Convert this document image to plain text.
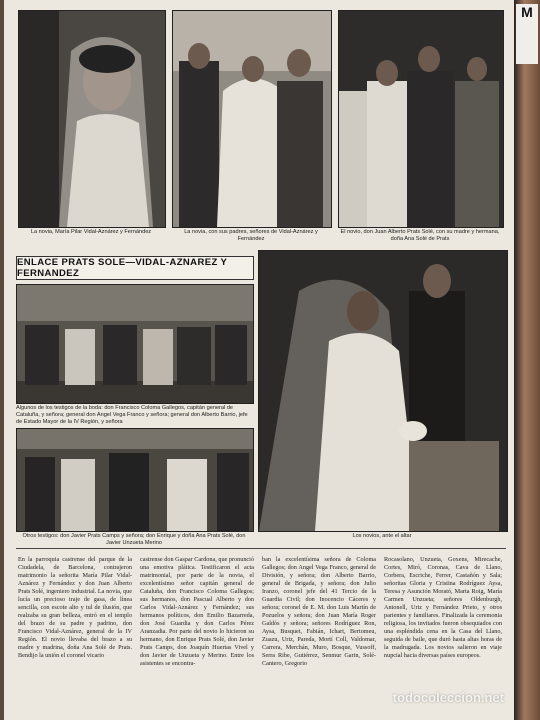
M
La novia, María Pilar Vidal-Aznárez y Fernández	La novia, con sus padres, señores de Vidal-Aznárez y Fernández
El novio, don Juan Alberto Prats Solé, con su madre y hermana, doña Ana Solé de Prats
ENLACE PRATS SOLE—VIDAL-AZNAREZ Y FERNANDEZ
Algunos de los testigos de la boda: don Francisco Coloma Gallegos, capitán general de Cataluña, y señora; general don Angel Vega Franco y señora; general don Alberto Barrio, jefe de Estado Mayor de la IV Región, y señora
Otros testigos: don Javier Prats Camps y señora; don Enrique y doña Ana Prats Solé, don Javier Unzueta Merino
Los novios, ante el altar
En la parroquia castrense del parque de la Ciudadela, de Barcelona, contrajeron matrimonio la señorita María Pilar Vidal-Aznárez y Fernández y don Juan Alberto Prats Solé, ingeniero industrial. La novia, que lucía un precioso traje de gasa, de línea sencilla, con escote alto y tul de ilusión, que realzaba su gran belleza, entró en el templo del brazo de su padre y padrino, don Francisco Vidal-Aznárez, general de la IV Región. El novio llevaba del brazo a su madre y madrina, doña Ana Solé de Prats. Bendijo la unión el coronel vicario
castrense don Gaspar Cardona, que pronunció una emotiva plática. Testificaron el acta matrimonial, por parte de la novia, el excelentísimo señor capitán general de Cataluña, don Francisco Coloma Gallegos; sus hermanos, don Pascual Alberto y don Carlos Vidal-Aznárez y Fernández; sus hermanos políticos, don Emilio Bazarreda, don José Guardia y don Carlos Pérez Aranzadia. Por parte del novio lo hicieron su hermano, don Enrique Prats Solé, don Javier Prats Camps, don Joaquín Huertas Vivel y don Javier de Unzueta y Merino. Entre los asistentes se encontra-
ban la excelentísima señora de Coloma Gallegos; don Angel Vega Franco, general de División, y señora; don Alberto Barrio, general de Brigada, y señora; don Julio Iranzo, coronel jefe del 41 Tercio de la Guardia Civil; don Inocencio Cáceres y señora; coronel de E. M. don Luis Martín de Pozuelos y señora; don Juan María Roger Galdós y señora; señores Rodríguez Ron, Aysa, Busquet, Fabián, Ichart, Bertomeu, Zuazu, Uriz, Pareda, Mortí Coll, Valdomar, Carrera, Merchán, Muro, Bosque, Vussoff, Serra Ribe, Gutiérrez, Senmur Garin, Solé-Cantero, Gregorio
Rocasolano, Unzueta, Goxens, Mirecache, Cortes, Miró, Coronas, Cava de Llano, Corbera, Escriche, Ferrer, Castañón y Sala; señoritas Gloria y Cristina Rodríguez Aysa, Teresa y Asunción Morató, Marta Roig, María Carmen Unzueta; señores Oldenburgh, Antonell, Uriz y Fernández Prieto, y otros parientes y familiares. Finalizada la ceremonia religiosa, los invitados fueron obsequiados con una espléndida cena en la Casa del Llano, seguida de baile, que duró hasta altas horas de la madrugada. Los novios salieron en viaje nupcial hacia diversas países europeos.
todocoleccion.net
